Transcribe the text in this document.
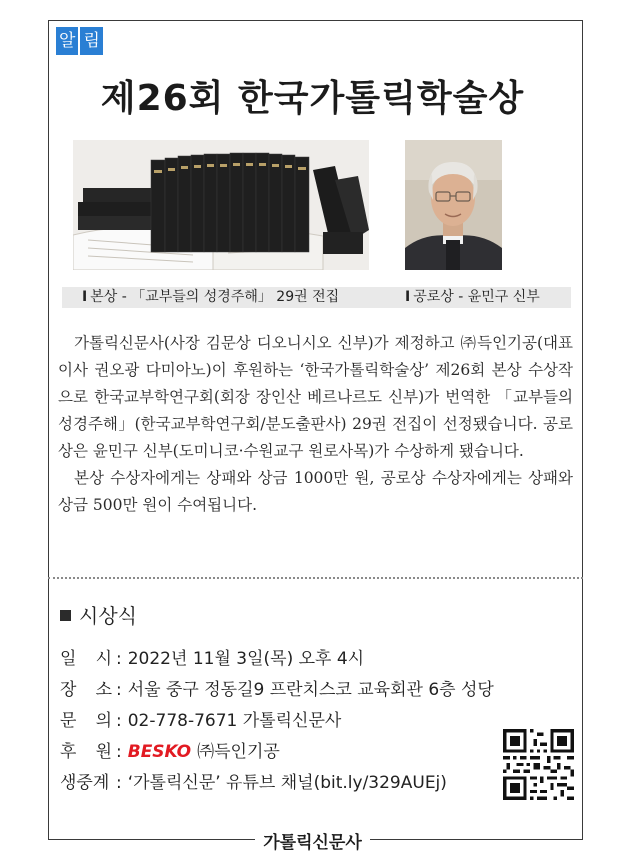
알 림
제26회 한국가톨릭학술상
I 본상 - 「교부들의 성경주해」 29권 전집	I 공로상 - 윤민구 신부

가톨릭신문사(사장 김문상 디오니시오 신부)가 제정하고 ㈜득인기공(대표이사 권오광 다미아노)이 후원하는 ‘한국가톨릭학술상’ 제26회 본상 수상작으로 한국교부학연구회(회장 장인산 베르나르도 신부)가 번역한 「교부들의 성경주해」(한국교부학연구회/분도출판사) 29권 전집이 선정됐습니다. 공로상은 윤민구 신부(도미니코·수원교구 원로사목)가 수상하게 됐습니다.

본상 수상자에게는 상패와 상금 1000만 원, 공로상 수상자에게는 상패와 상금 500만 원이 수여됩니다.

시상식
일 시 : 2022년 11월 3일(목) 오후 4시
장 소 : 서울 중구 정동길9 프란치스코 교육회관 6층 성당
문 의 : 02-778-7671 가톨릭신문사
후 원 : BESKO ㈜득인기공
생중계 : ‘가톨릭신문’ 유튜브 채널(bit.ly/329AUEj)
가톨릭신문사
